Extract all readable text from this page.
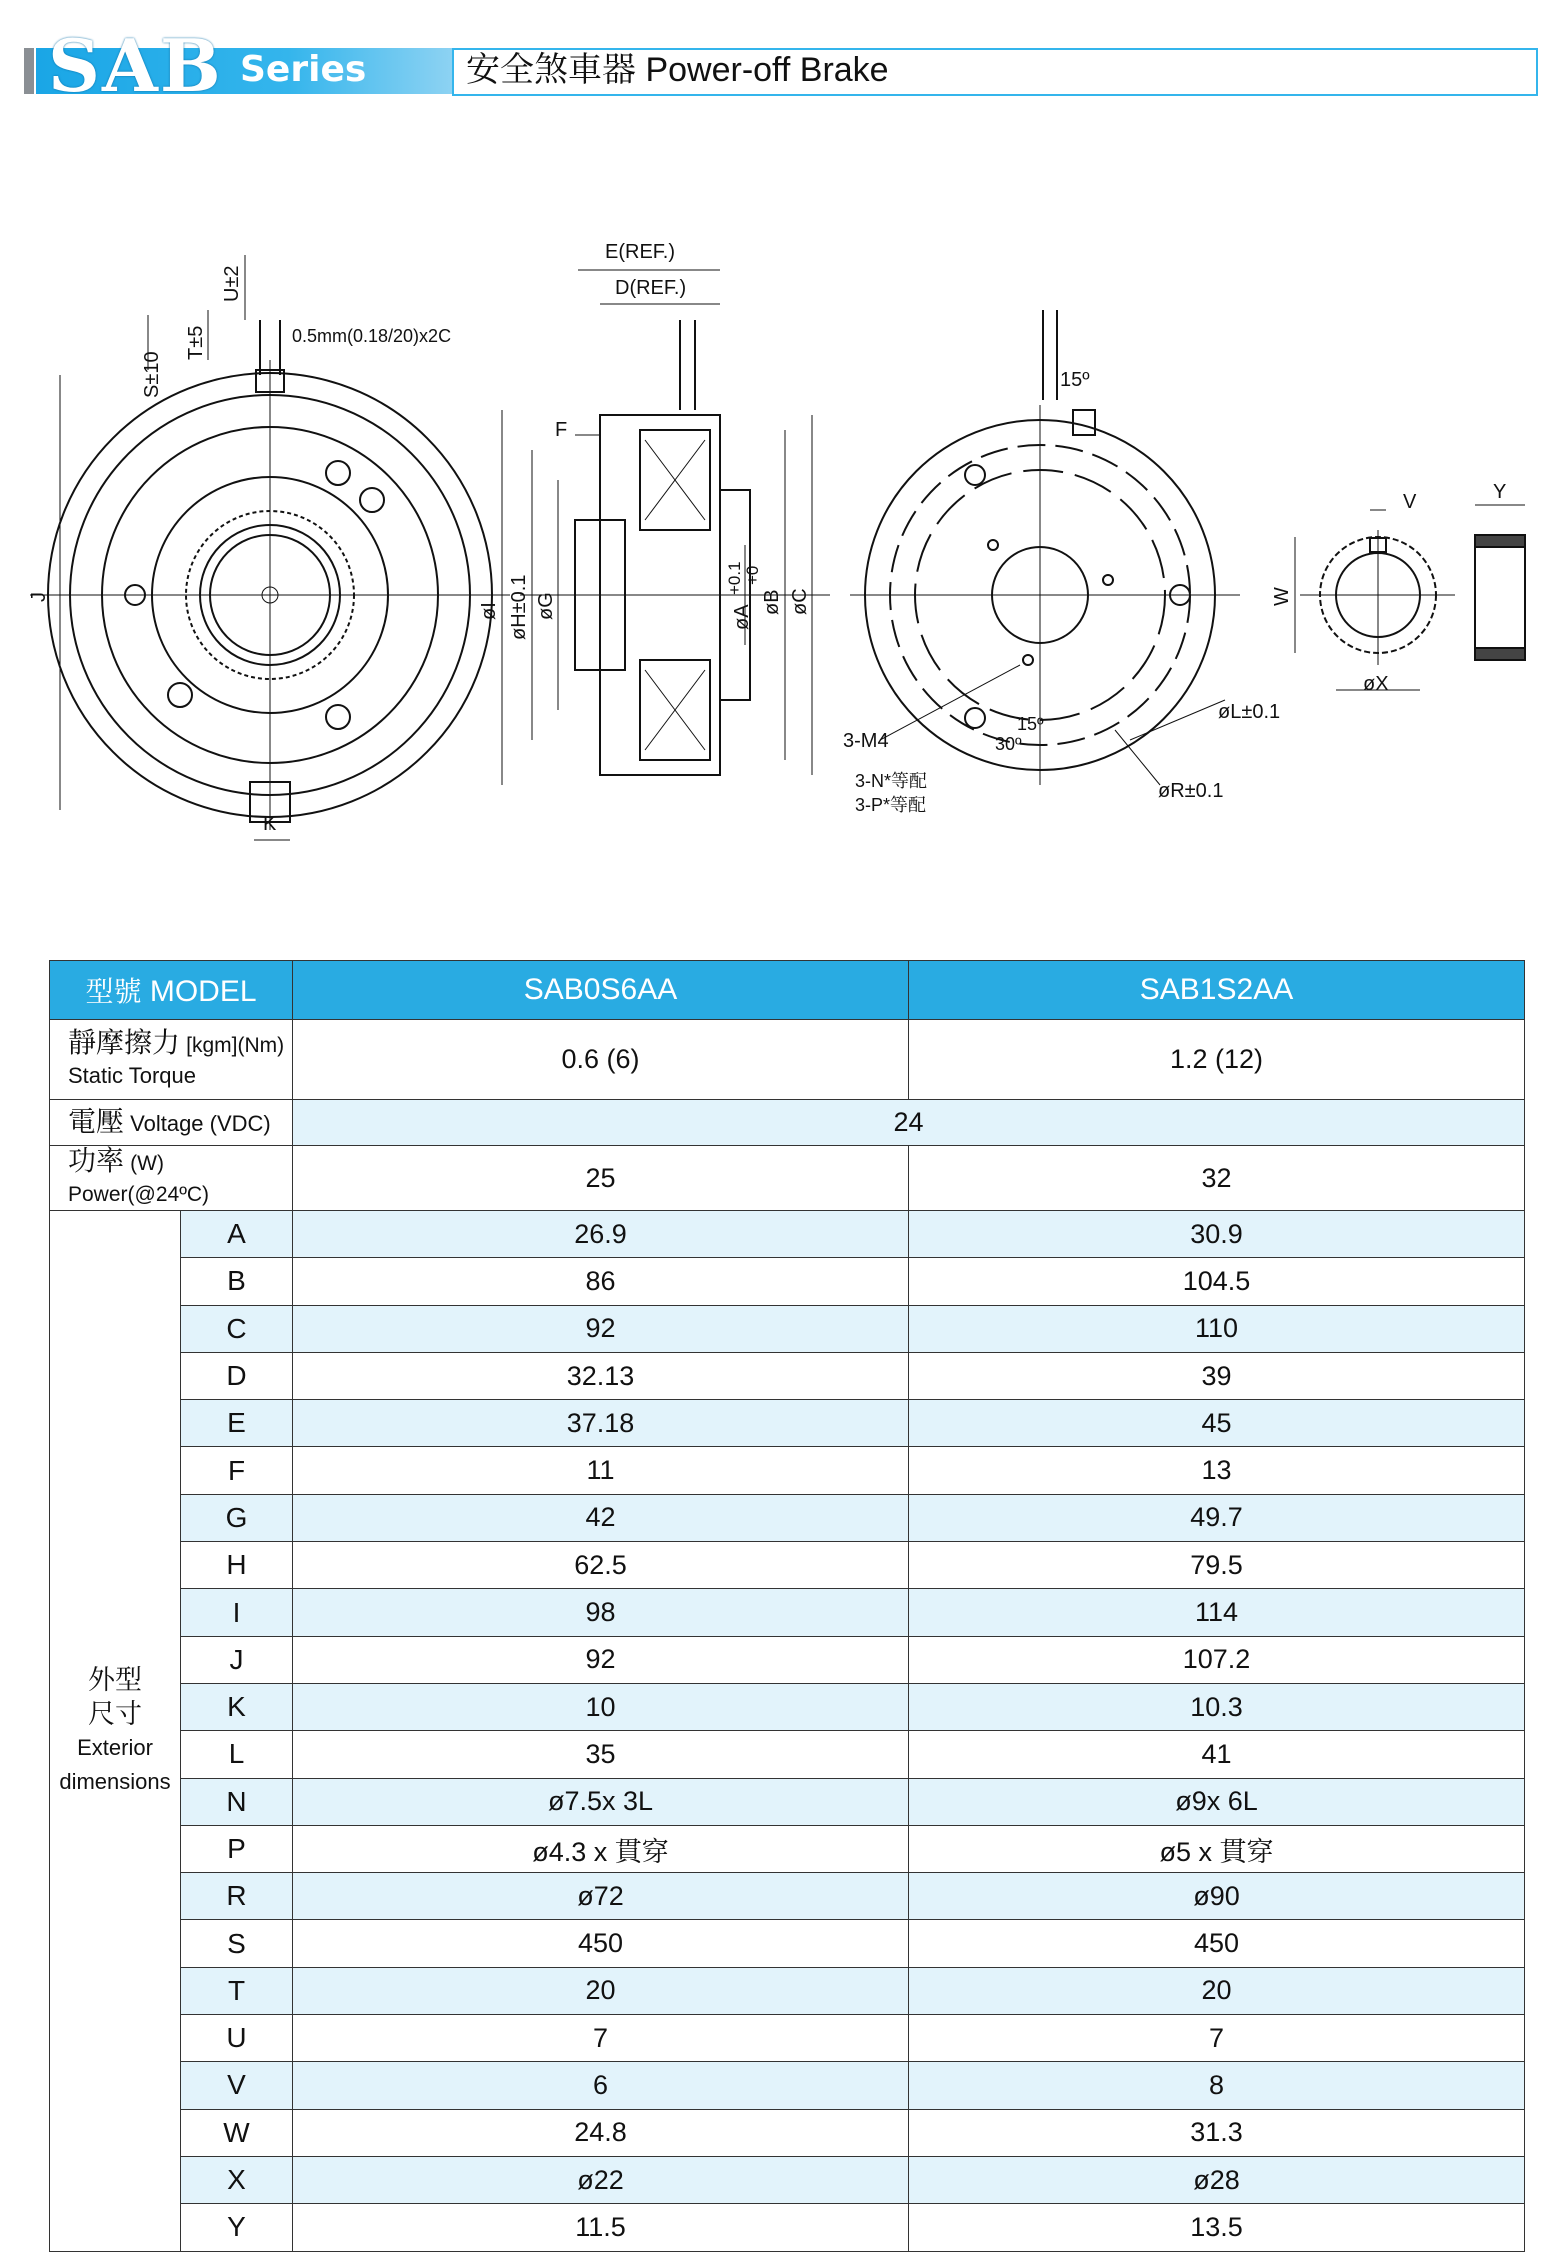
SAB Series	安全煞車器 Power-off Brake
U±2
T±5
S±10
0.5mm(0.18/20)x2C
J
K
E(REF.)
D(REF.)
F
øI øH±0.1 øG	øA
+0.1 +0
øB øC
15º
3-M4
3-N*等配
3-P*等配
15º
30º
øL±0.1
øR±0.1
V	Y
W
øX
型號 MODEL		SAB0S6AA	SAB1S2AA
靜摩擦力 [kgm](Nm)
Static Torque		0.6 (6)	1.2 (12)
電壓 Voltage (VDC)		24	
功率 (W) Power(@24ºC)		25	32

外型
尺寸
Exterior
dimensions	A	26.9	30.9
	B	86	104.5
	C	92	110
	D	32.13	39
	E	37.18	45
	F	11	13
	G	42	49.7
	H	62.5	79.5
	I	98	114
	J	92	107.2
	K	10	10.3
	L	35	41
	N	ø7.5x 3L	ø9x 6L
	P	ø4.3 x 貫穿	ø5 x 貫穿
	R	ø72	ø90
	S	450	450
	T	20	20
	U	7	7
	V	6	8
	W	24.8	31.3
	X	ø22	ø28
	Y	11.5	13.5
